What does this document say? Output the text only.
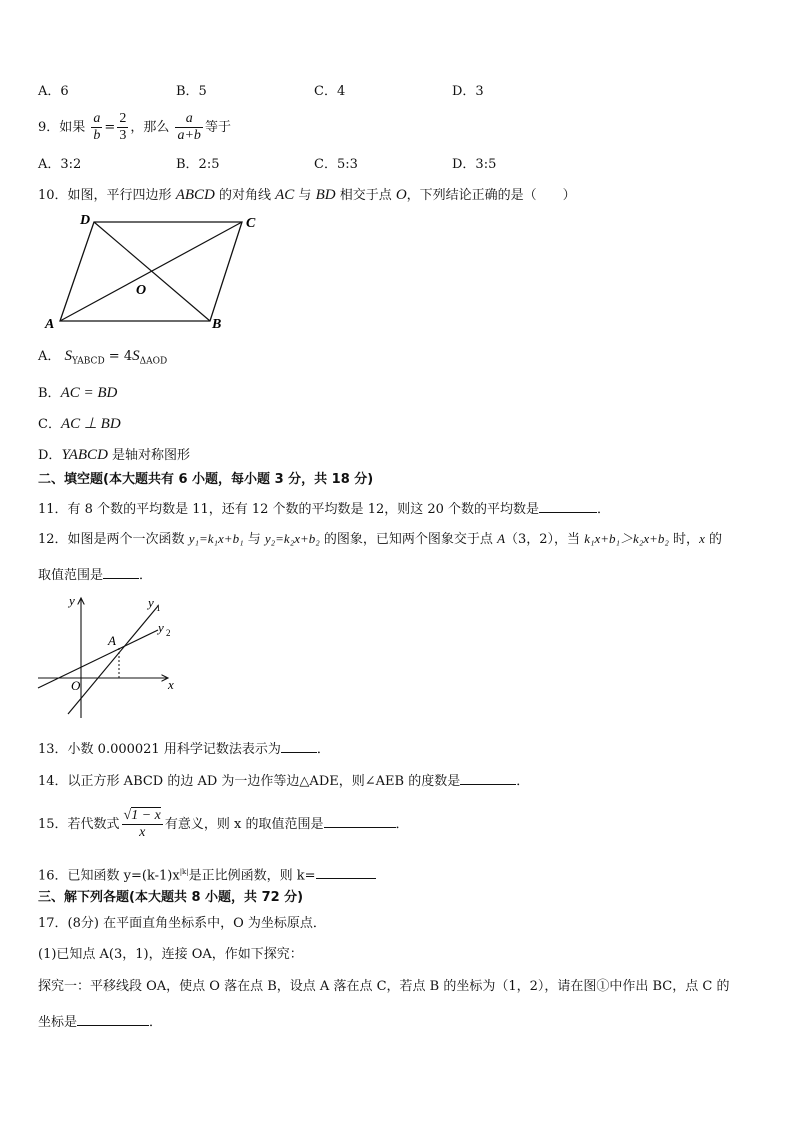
A．6	B．5	C．4	D．3
9．如果 $\frac{a}{b} = \frac{2}{3}$ ，那么 $\frac{a}{a+b}$ 等于
A．3:2	B．2:5	C．5:3	D．3:5
10．如图，平行四边形 ABCD 的对角线 AC 与 BD 相交于点 O，下列结论正确的是（　　）
D	C
A	B
O
A． $S_{YABCD} = 4S_{\Delta AOD}$
B．AC = BD
C．AC ⊥ BD
D．YABCD 是轴对称图形
二、填空题(本大题共有 6 小题，每小题 3 分，共 18 分)
11．有 8 个数的平均数是 11，还有 12 个数的平均数是 12，则这 20 个数的平均数是	．
12．如图是两个一次函数 y₁=k₁x+b₁ 与 y₂=k₂x+b₂ 的图象，已知两个图象交于点 A（3，2），当 k₁x+b₁＞k₂x+b₂ 时，x 的
取值范围是	．
y
x
O
A
y 1
y 2
13．小数 0.000021 用科学记数法表示为	．
14．以正方形 ABCD 的边 AD 为一边作等边△ADE，则∠AEB 的度数是	．
15．若代数式 $\frac{√1 - x}{x}$ 有意义，则 x 的取值范围是	．
16．已知函数 $y=(k-1)x^{|k|}$是正比例函数，则 k=
三、解下列各题(本大题共 8 小题，共 72 分)
17．(8分) 在平面直角坐标系中，O 为坐标原点．
(1)已知点 A(3，1)，连接 OA，作如下探究：
探究一：平移线段 OA，使点 O 落在点 B，设点 A 落在点 C，若点 B 的坐标为（1，2），请在图①中作出 BC，点 C 的
坐标是	．
